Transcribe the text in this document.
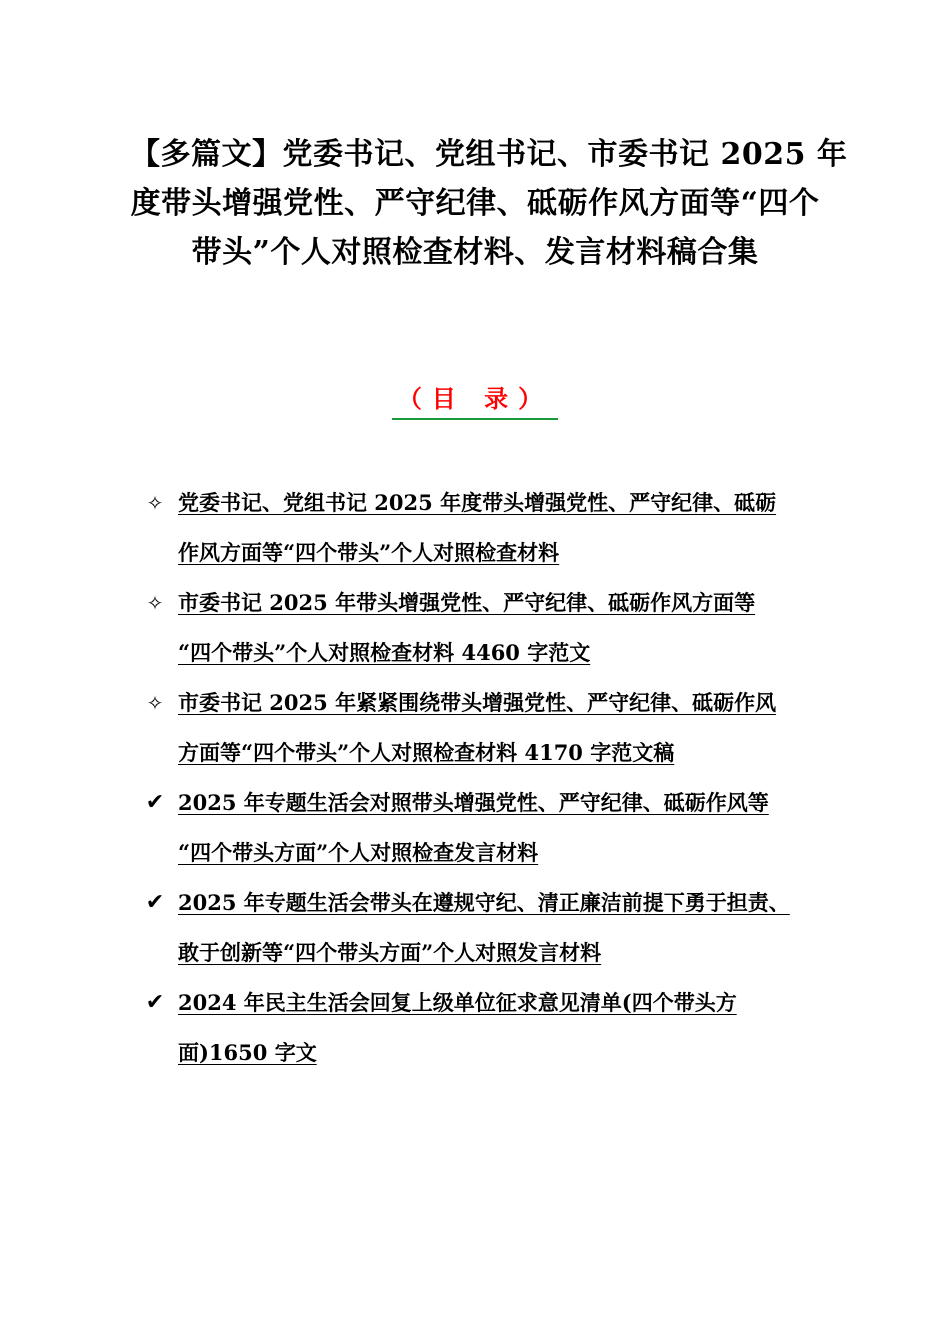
【多篇文】党委书记、党组书记、市委书记 2025 年
度带头增强党性、严守纪律、砥砺作风方面等“四个
带头”个人对照检查材料、发言材料稿合集
（目 录）
✧ 党委书记、党组书记 2025 年度带头增强党性、严守纪律、砥砺
作风方面等“四个带头”个人对照检查材料
✧ 市委书记 2025 年带头增强党性、严守纪律、砥砺作风方面等
“四个带头”个人对照检查材料 4460 字范文
✧ 市委书记 2025 年紧紧围绕带头增强党性、严守纪律、砥砺作风
方面等“四个带头”个人对照检查材料 4170 字范文稿
✔ 2025 年专题生活会对照带头增强党性、严守纪律、砥砺作风等
“四个带头方面”个人对照检查发言材料
✔ 2025 年专题生活会带头在遵规守纪、清正廉洁前提下勇于担责、
敢于创新等“四个带头方面”个人对照发言材料
✔ 2024 年民主生活会回复上级单位征求意见清单(四个带头方
面)1650 字文
